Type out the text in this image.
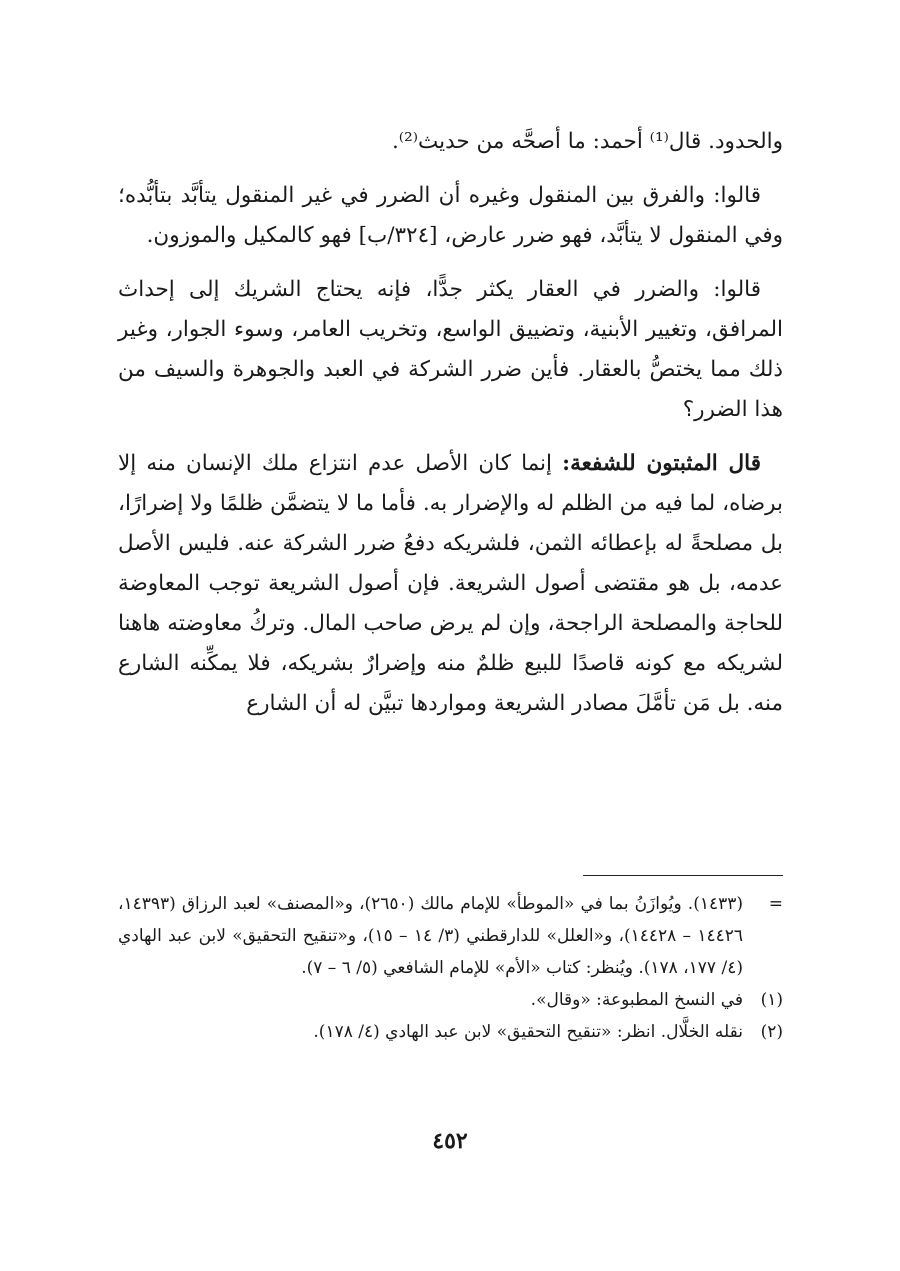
والحدود. قال⁽¹⁾ أحمد: ما أصحَّه من حديث⁽²⁾.

قالوا: والفرق بين المنقول وغيره أن الضرر في غير المنقول يتأبَّد بتأبُّده؛ وفي المنقول لا يتأبَّد، فهو ضرر عارض، [٣٢٤/ب] فهو كالمكيل والموزون.

قالوا: والضرر في العقار يكثر جدًّا، فإنه يحتاج الشريك إلى إحداث المرافق، وتغيير الأبنية، وتضييق الواسع، وتخريب العامر، وسوء الجوار، وغير ذلك مما يختصُّ بالعقار. فأين ضرر الشركة في العبد والجوهرة والسيف من هذا الضرر؟

قال المثبتون للشفعة: إنما كان الأصل عدم انتزاع ملك الإنسان منه إلا برضاه، لما فيه من الظلم له والإضرار به. فأما ما لا يتضمَّن ظلمًا ولا إضرارًا، بل مصلحةً له بإعطائه الثمن، فلشريكه دفعُ ضرر الشركة عنه. فليس الأصل عدمه، بل هو مقتضى أصول الشريعة. فإن أصول الشريعة توجب المعاوضة للحاجة والمصلحة الراجحة، وإن لم يرض صاحب المال. وتركُ معاوضته هاهنا لشريكه مع كونه قاصدًا للبيع ظلمٌ منه وإضرارٌ بشريكه، فلا يمكِّنه الشارع منه. بل مَن تأمَّلَ مصادر الشريعة ومواردها تبيَّن له أن الشارع

=
(١٤٣٣). ويُوازَنُ بما في «الموطأ» للإمام مالك (٢٦٥٠)، و«المصنف» لعبد الرزاق (١٤٣٩٣، ١٤٤٢٦ – ١٤٤٢٨)، و«العلل» للدارقطني (٣/ ١٤ – ١٥)، و«تنقيح التحقيق» لابن عبد الهادي (٤/ ١٧٧، ١٧٨). ويُنظر: كتاب «الأم» للإمام الشافعي (٥/ ٦ – ٧).
(١)
في النسخ المطبوعة: «وقال».
(٢)
نقله الخلَّال. انظر: «تنقيح التحقيق» لابن عبد الهادي (٤/ ١٧٨).
٤٥٢
